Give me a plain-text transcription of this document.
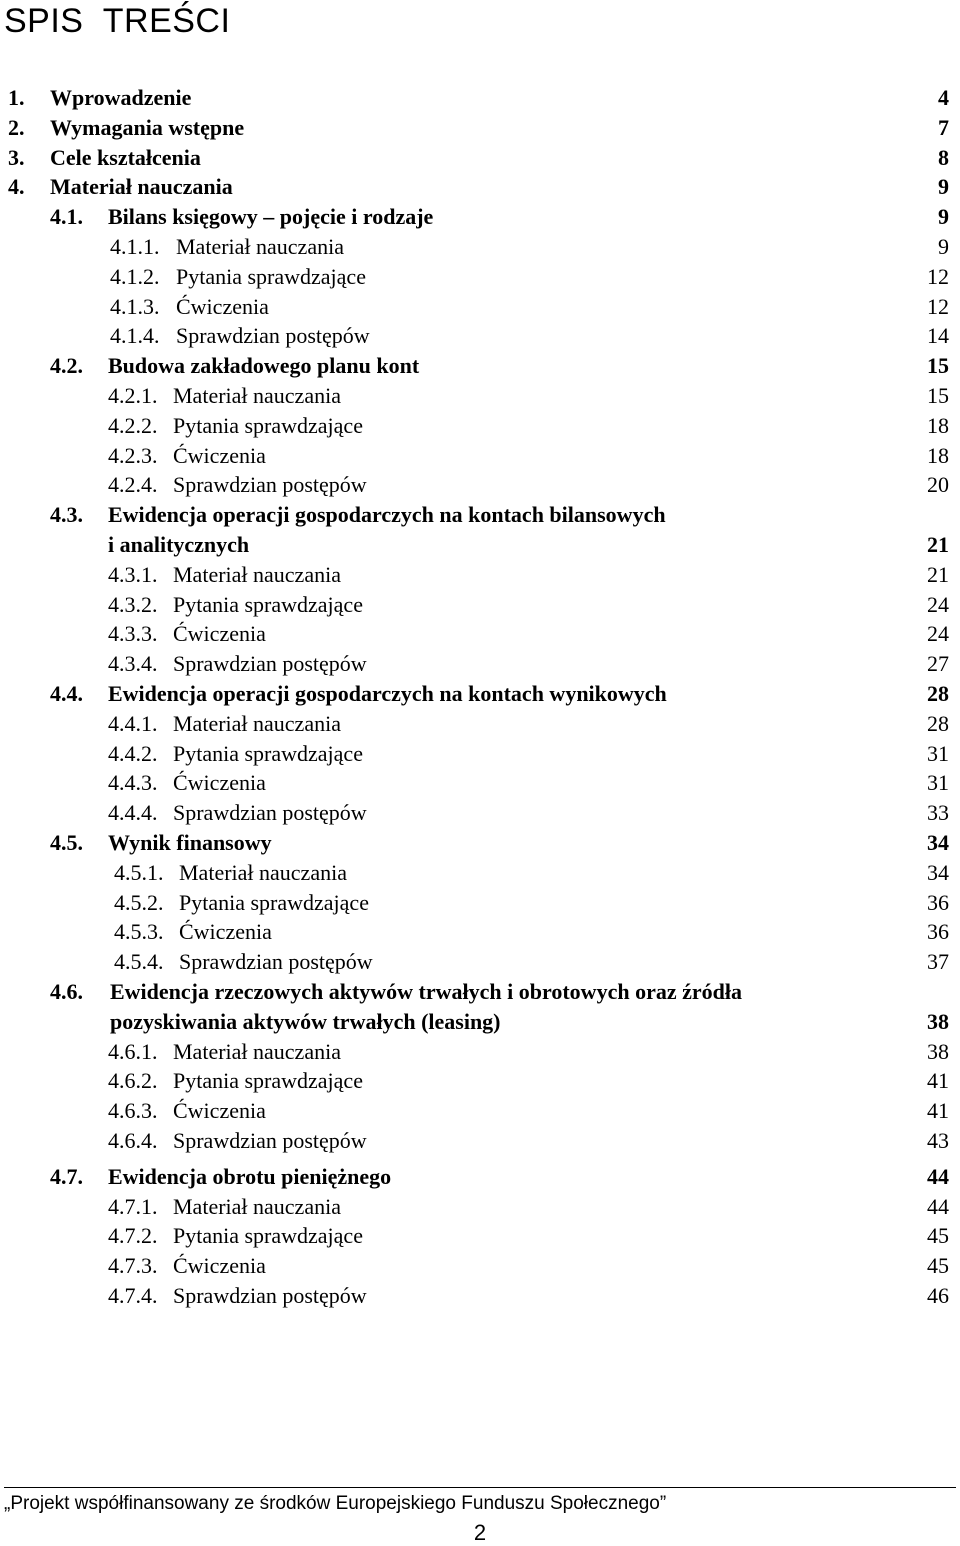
SPIS  TREŚCI
1. Wprowadzenie	4
2. Wymagania wstępne	7
3. Cele kształcenia	8
4. Materiał nauczania	9
4.1. Bilans księgowy – pojęcie i rodzaje	9
4.1.1. Materiał nauczania	9
4.1.2. Pytania sprawdzające	12
4.1.3. Ćwiczenia	12
4.1.4. Sprawdzian postępów	14
4.2. Budowa zakładowego planu kont	15
4.2.1. Materiał nauczania	15
4.2.2. Pytania sprawdzające	18
4.2.3. Ćwiczenia	18
4.2.4. Sprawdzian postępów	20
4.3. Ewidencja operacji gospodarczych na kontach bilansowych
i analitycznych	21
4.3.1. Materiał nauczania	21
4.3.2. Pytania sprawdzające	24
4.3.3. Ćwiczenia	24
4.3.4. Sprawdzian postępów	27
4.4. Ewidencja operacji gospodarczych na kontach wynikowych	28
4.4.1. Materiał nauczania	28
4.4.2. Pytania sprawdzające	31
4.4.3. Ćwiczenia	31
4.4.4. Sprawdzian postępów	33
4.5. Wynik finansowy	34
4.5.1. Materiał nauczania	34
4.5.2. Pytania sprawdzające	36
4.5.3. Ćwiczenia	36
4.5.4. Sprawdzian postępów	37
4.6. Ewidencja rzeczowych aktywów trwałych i obrotowych oraz źródła
pozyskiwania aktywów trwałych (leasing)	38
4.6.1. Materiał nauczania	38
4.6.2. Pytania sprawdzające	41
4.6.3. Ćwiczenia	41
4.6.4. Sprawdzian postępów	43
4.7. Ewidencja obrotu pieniężnego	44
4.7.1. Materiał nauczania	44
4.7.2. Pytania sprawdzające	45
4.7.3. Ćwiczenia	45
4.7.4. Sprawdzian postępów	46
„Projekt współfinansowany ze środków Europejskiego Funduszu Społecznego”
2
